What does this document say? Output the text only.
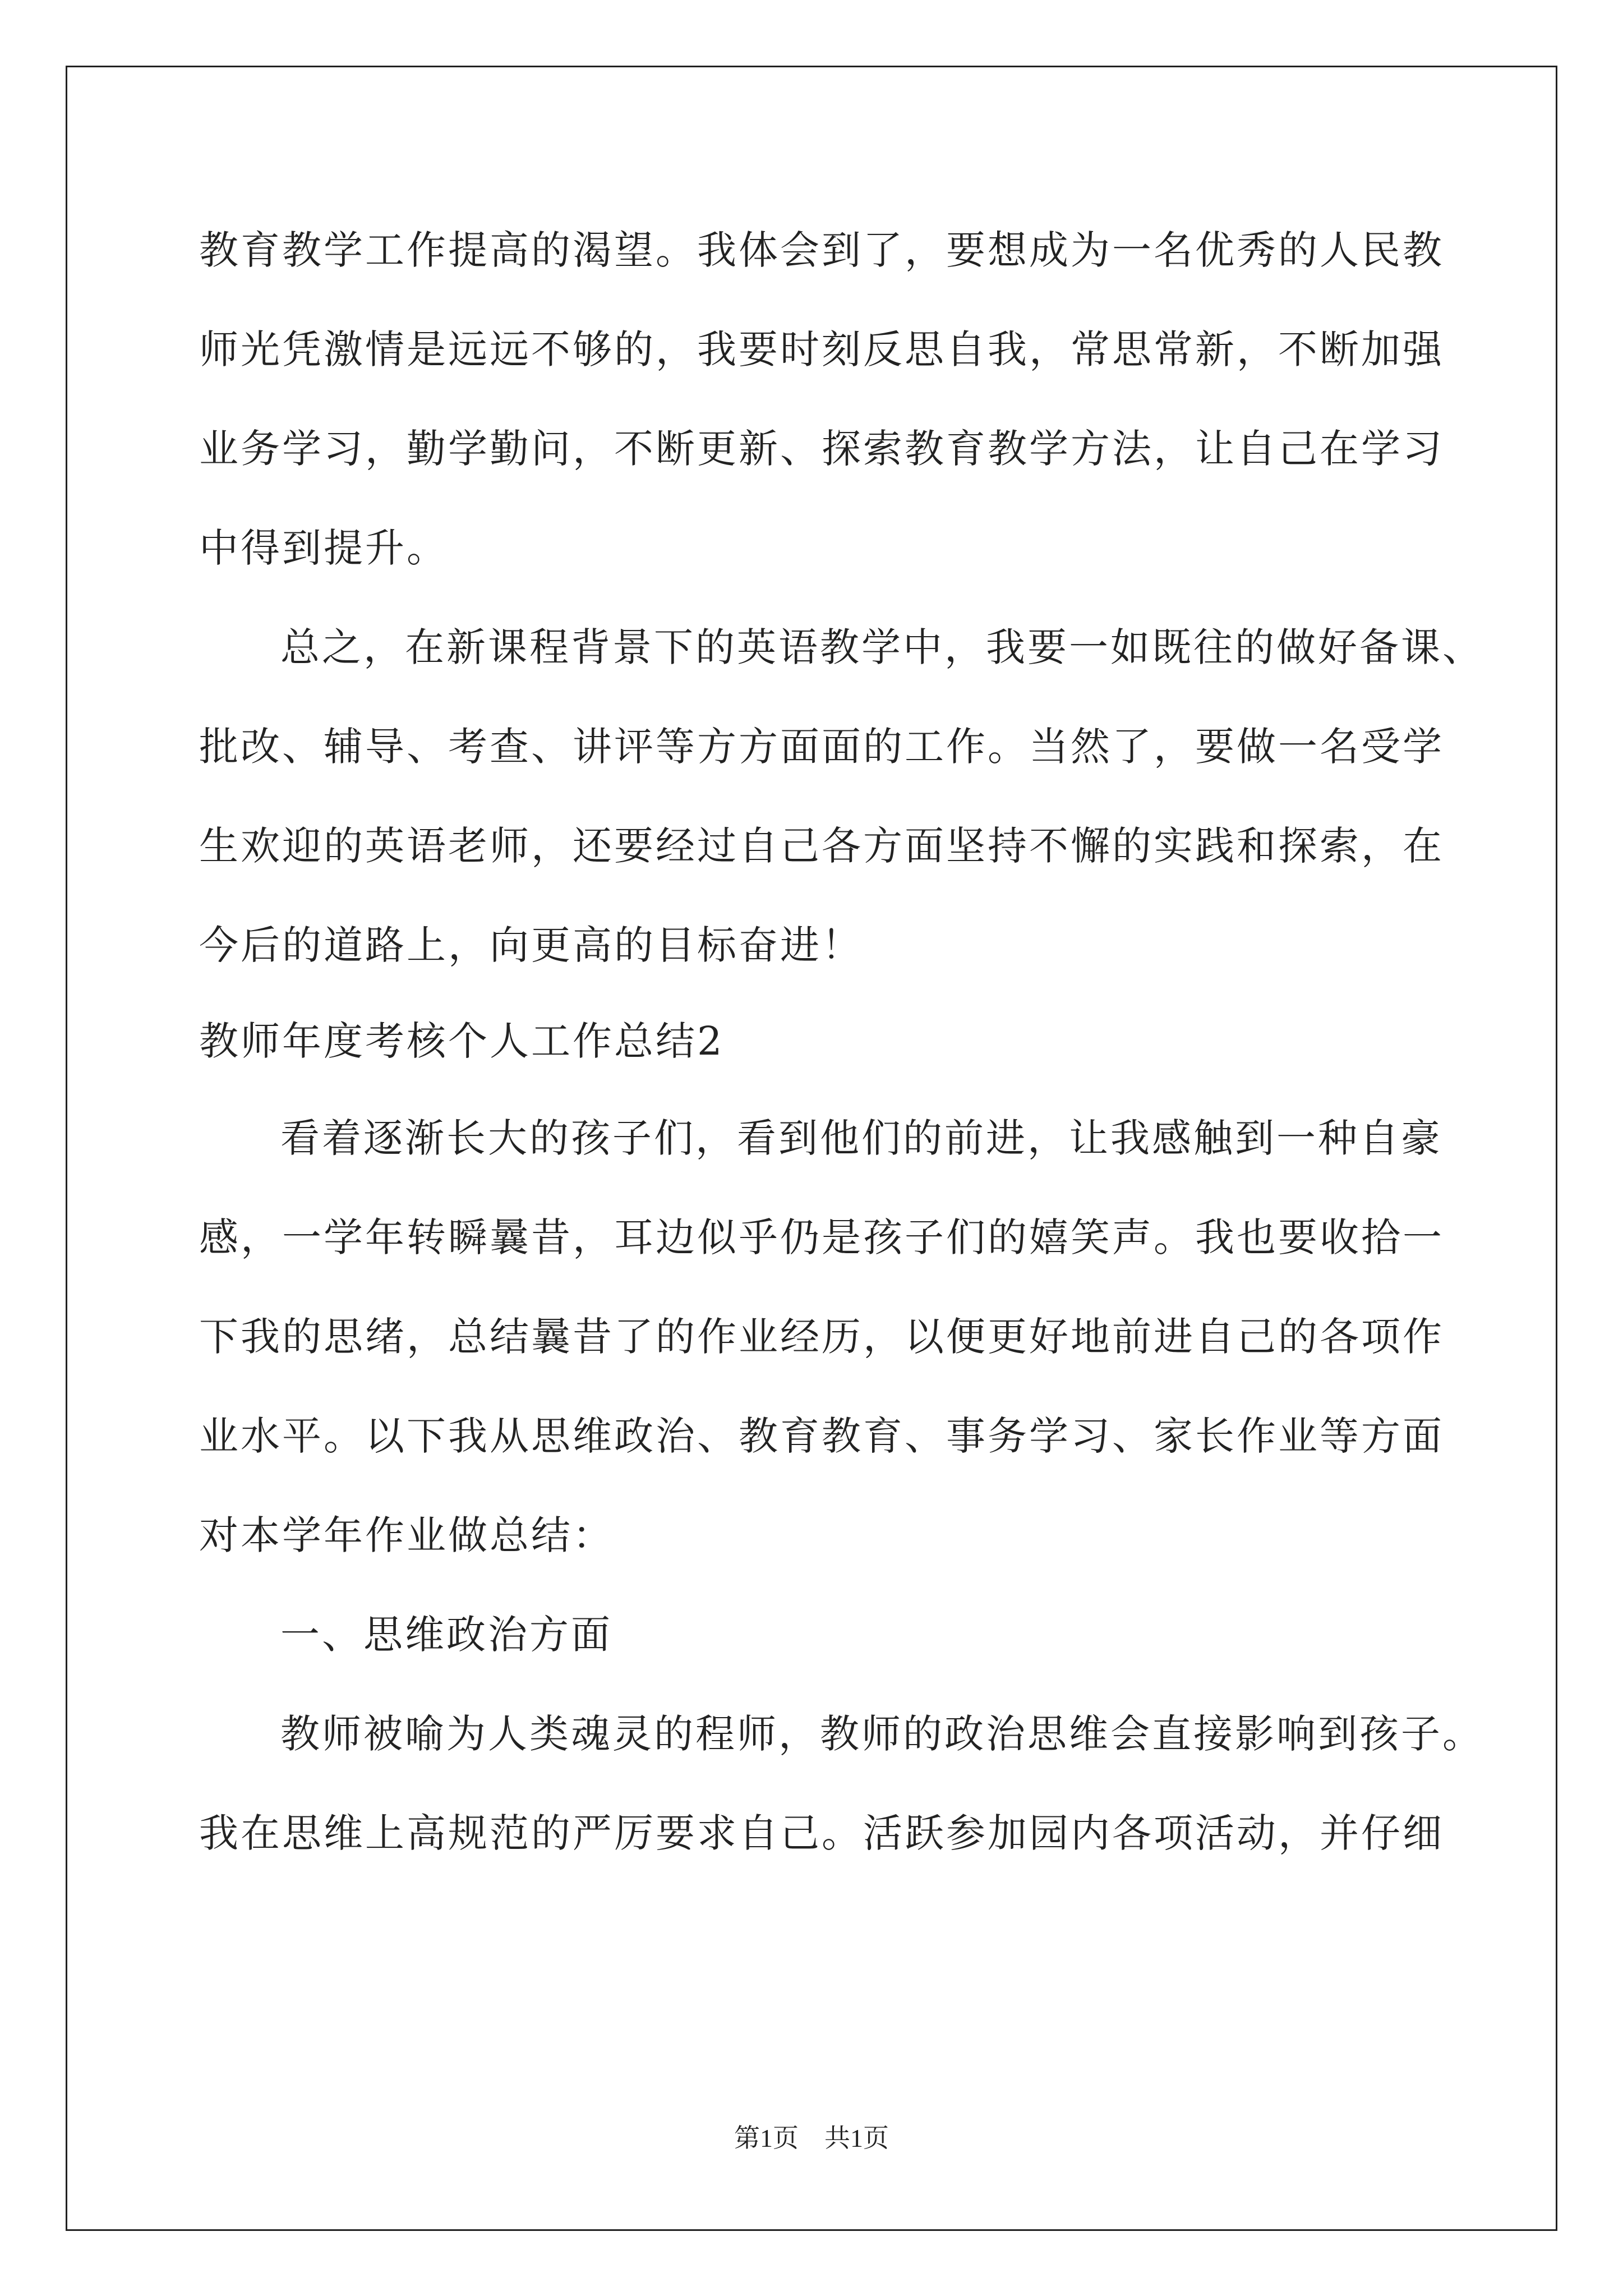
教育教学工作提高的渴望。我体会到了，要想成为一名优秀的人民教
师光凭激情是远远不够的，我要时刻反思自我，常思常新，不断加强
业务学习，勤学勤问，不断更新、探索教育教学方法，让自己在学习
中得到提升。
总之，在新课程背景下的英语教学中，我要一如既往的做好备课、
批改、辅导、考查、讲评等方方面面的工作。当然了，要做一名受学
生欢迎的英语老师，还要经过自己各方面坚持不懈的实践和探索，在
今后的道路上，向更高的目标奋进！
教师年度考核个人工作总结2
看着逐渐长大的孩子们，看到他们的前进，让我感触到一种自豪
感，一学年转瞬曩昔，耳边似乎仍是孩子们的嬉笑声。我也要收拾一
下我的思绪，总结曩昔了的作业经历，以便更好地前进自己的各项作
业水平。以下我从思维政治、教育教育、事务学习、家长作业等方面
对本学年作业做总结：
一、思维政治方面
教师被喻为人类魂灵的程师，教师的政治思维会直接影响到孩子。
我在思维上高规范的严厉要求自己。活跃参加园内各项活动，并仔细
第1页　共1页
